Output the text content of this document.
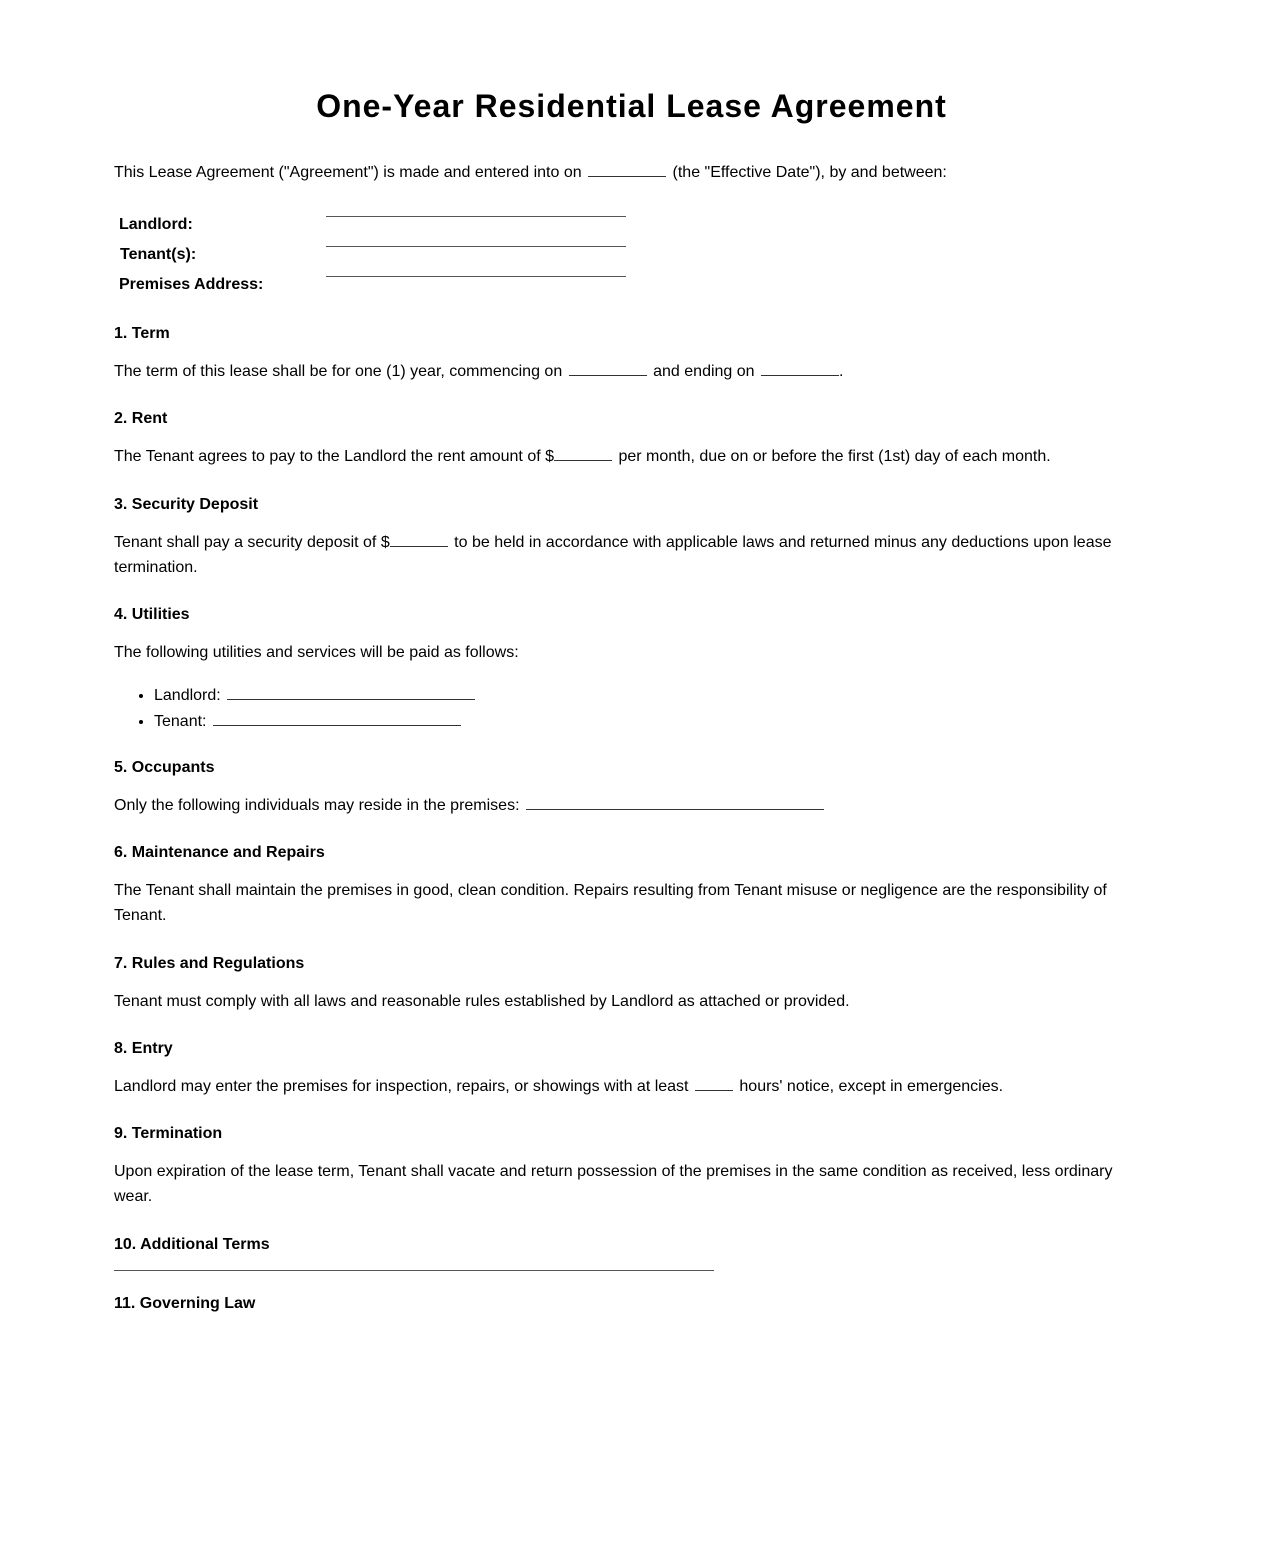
One-Year Residential Lease Agreement

This Lease Agreement ("Agreement") is made and entered into on	(the "Effective Date"), by and between:

Landlord:
Tenant(s):
Premises Address:
1. Term

The term of this lease shall be for one (1) year, commencing on	and ending on	.

2. Rent

The Tenant agrees to pay to the Landlord the rent amount of $	per month, due on or before the first (1st) day of each month.

3. Security Deposit

Tenant shall pay a security deposit of $	to be held in accordance with applicable laws and returned minus any deductions upon lease termination.

4. Utilities

The following utilities and services will be paid as follows:

• Landlord:
• Tenant:
5. Occupants

Only the following individuals may reside in the premises:

6. Maintenance and Repairs

The Tenant shall maintain the premises in good, clean condition. Repairs resulting from Tenant misuse or negligence are the responsibility of Tenant.

7. Rules and Regulations

Tenant must comply with all laws and reasonable rules established by Landlord as attached or provided.

8. Entry

Landlord may enter the premises for inspection, repairs, or showings with at least	hours' notice, except in emergencies.

9. Termination

Upon expiration of the lease term, Tenant shall vacate and return possession of the premises in the same condition as received, less ordinary wear.

10. Additional Terms
11. Governing Law
